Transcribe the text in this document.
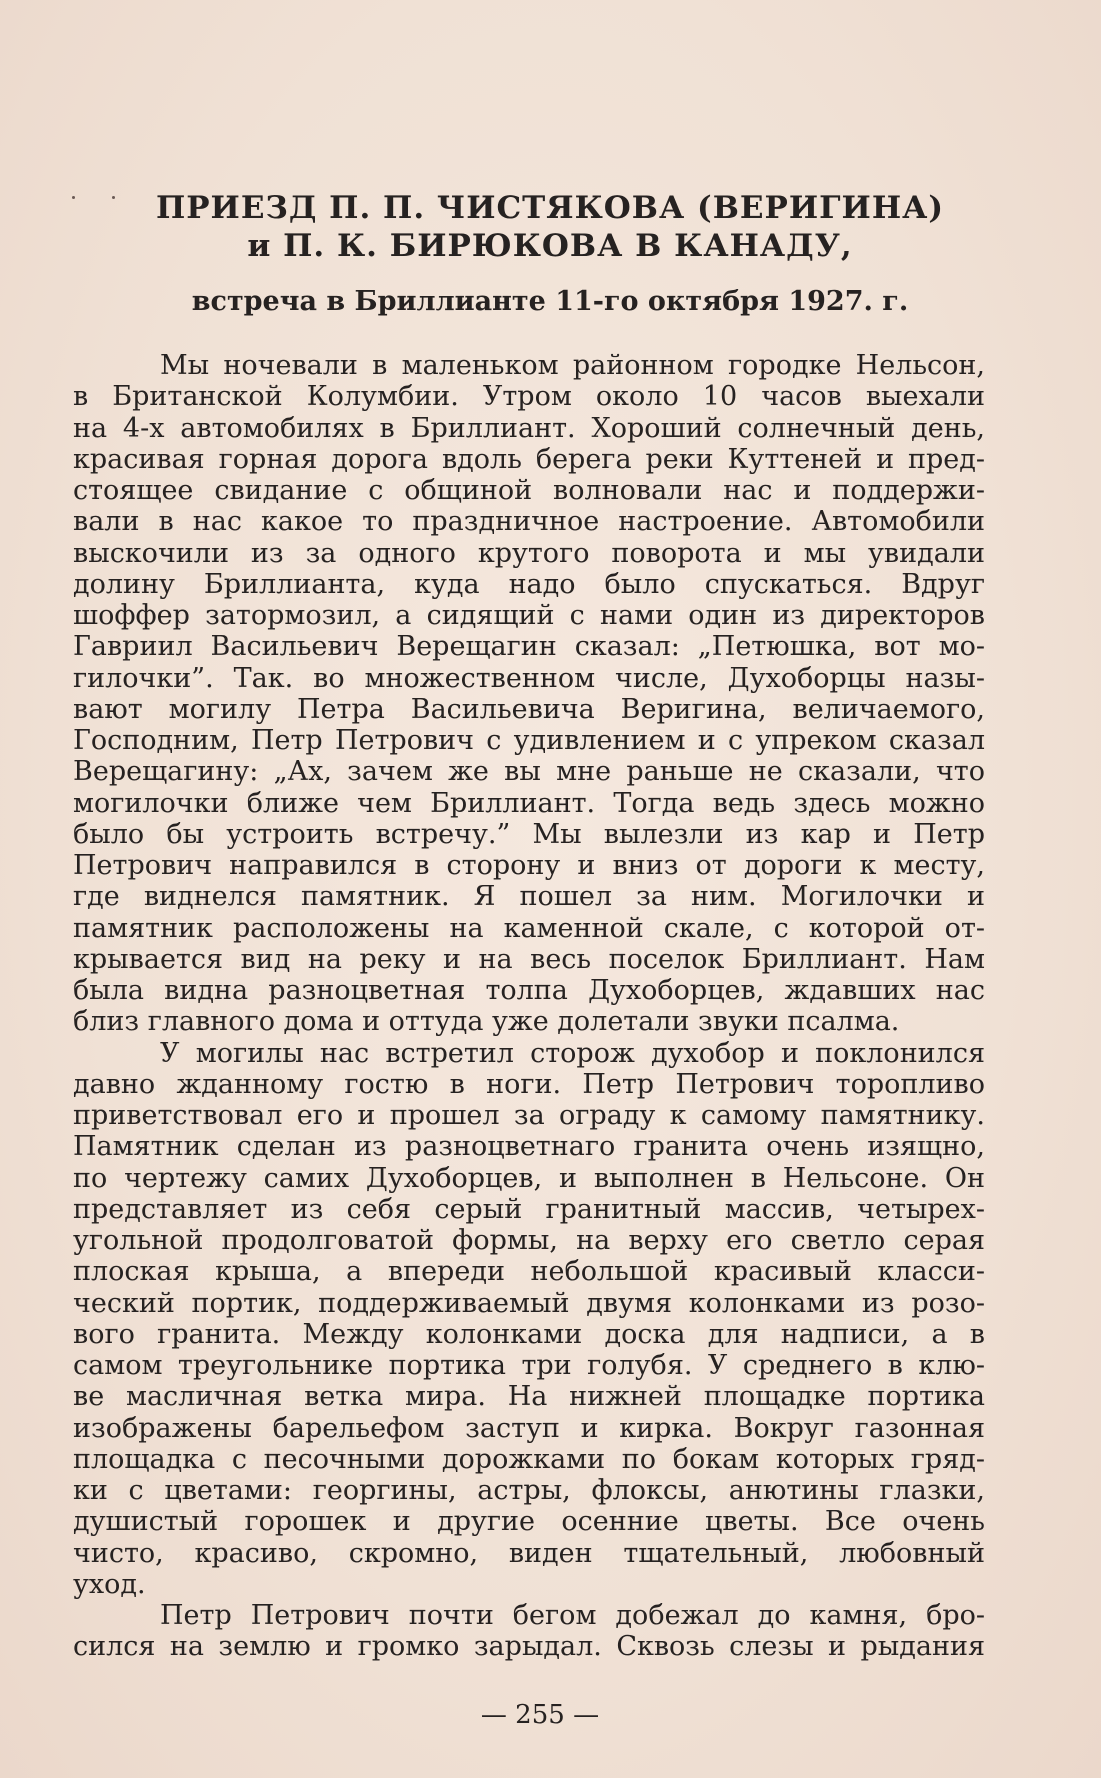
ПРИЕЗД П. П. ЧИСТЯКОВА (ВЕРИГИНА)
и П. К. БИРЮКОВА В КАНАДУ,
встреча в Бриллианте 11-го октября 1927. г.
Мы ночевали в маленьком районном городке Нельсон,
в Британской Колумбии. Утром около 10 часов выехали
на 4-х автомобилях в Бриллиант. Хороший солнечный день,
красивая горная дорога вдоль берега реки Куттеней и пред-
стоящее свидание с общиной волновали нас и поддержи-
вали в нас какое то праздничное настроение. Автомобили
выскочили из за одного крутого поворота и мы увидали
долину Бриллианта, куда надо было спускаться. Вдруг
шоффер затормозил, а сидящий с нами один из директоров
Гавриил Васильевич Верещагин сказал: „Петюшка, вот мо-
гилочки”. Так. во множественном числе, Духоборцы назы-
вают могилу Петра Васильевича Веригина, величаемого,
Господним, Петр Петрович с удивлением и с упреком сказал
Верещагину: „Ах, зачем же вы мне раньше не сказали, что
могилочки ближе чем Бриллиант. Тогда ведь здесь можно
было бы устроить встречу.” Мы вылезли из кар и Петр
Петрович направился в сторону и вниз от дороги к месту,
где виднелся памятник. Я пошел за ним. Могилочки и
памятник расположены на каменной скале, с которой от-
крывается вид на реку и на весь поселок Бриллиант. Нам
была видна разноцветная толпа Духоборцев, ждавших нас
близ главного дома и оттуда уже долетали звуки псалма.
У могилы нас встретил сторож духобор и поклонился
давно жданному гостю в ноги. Петр Петрович торопливо
приветствовал его и прошел за ограду к самому памятнику.
Памятник сделан из разноцветнаго гранита очень изящно,
по чертежу самих Духоборцев, и выполнен в Нельсоне. Он
представляет из себя серый гранитный массив, четырех-
угольной продолговатой формы, на верху его светло серая
плоская крыша, а впереди небольшой красивый класси-
ческий портик, поддерживаемый двумя колонками из розо-
вого гранита. Между колонками доска для надписи, а в
самом треугольнике портика три голубя. У среднего в клю-
ве масличная ветка мира. На нижней площадке портика
изображены барельефом заступ и кирка. Вокруг газонная
площадка с песочными дорожками по бокам которых гряд-
ки с цветами: георгины, астры, флоксы, анютины глазки,
душистый горошек и другие осенние цветы. Все очень
чисто, красиво, скромно, виден тщательный, любовный
уход.
Петр Петрович почти бегом добежал до камня, бро-
сился на землю и громко зарыдал. Сквозь слезы и рыдания

— 255 —
